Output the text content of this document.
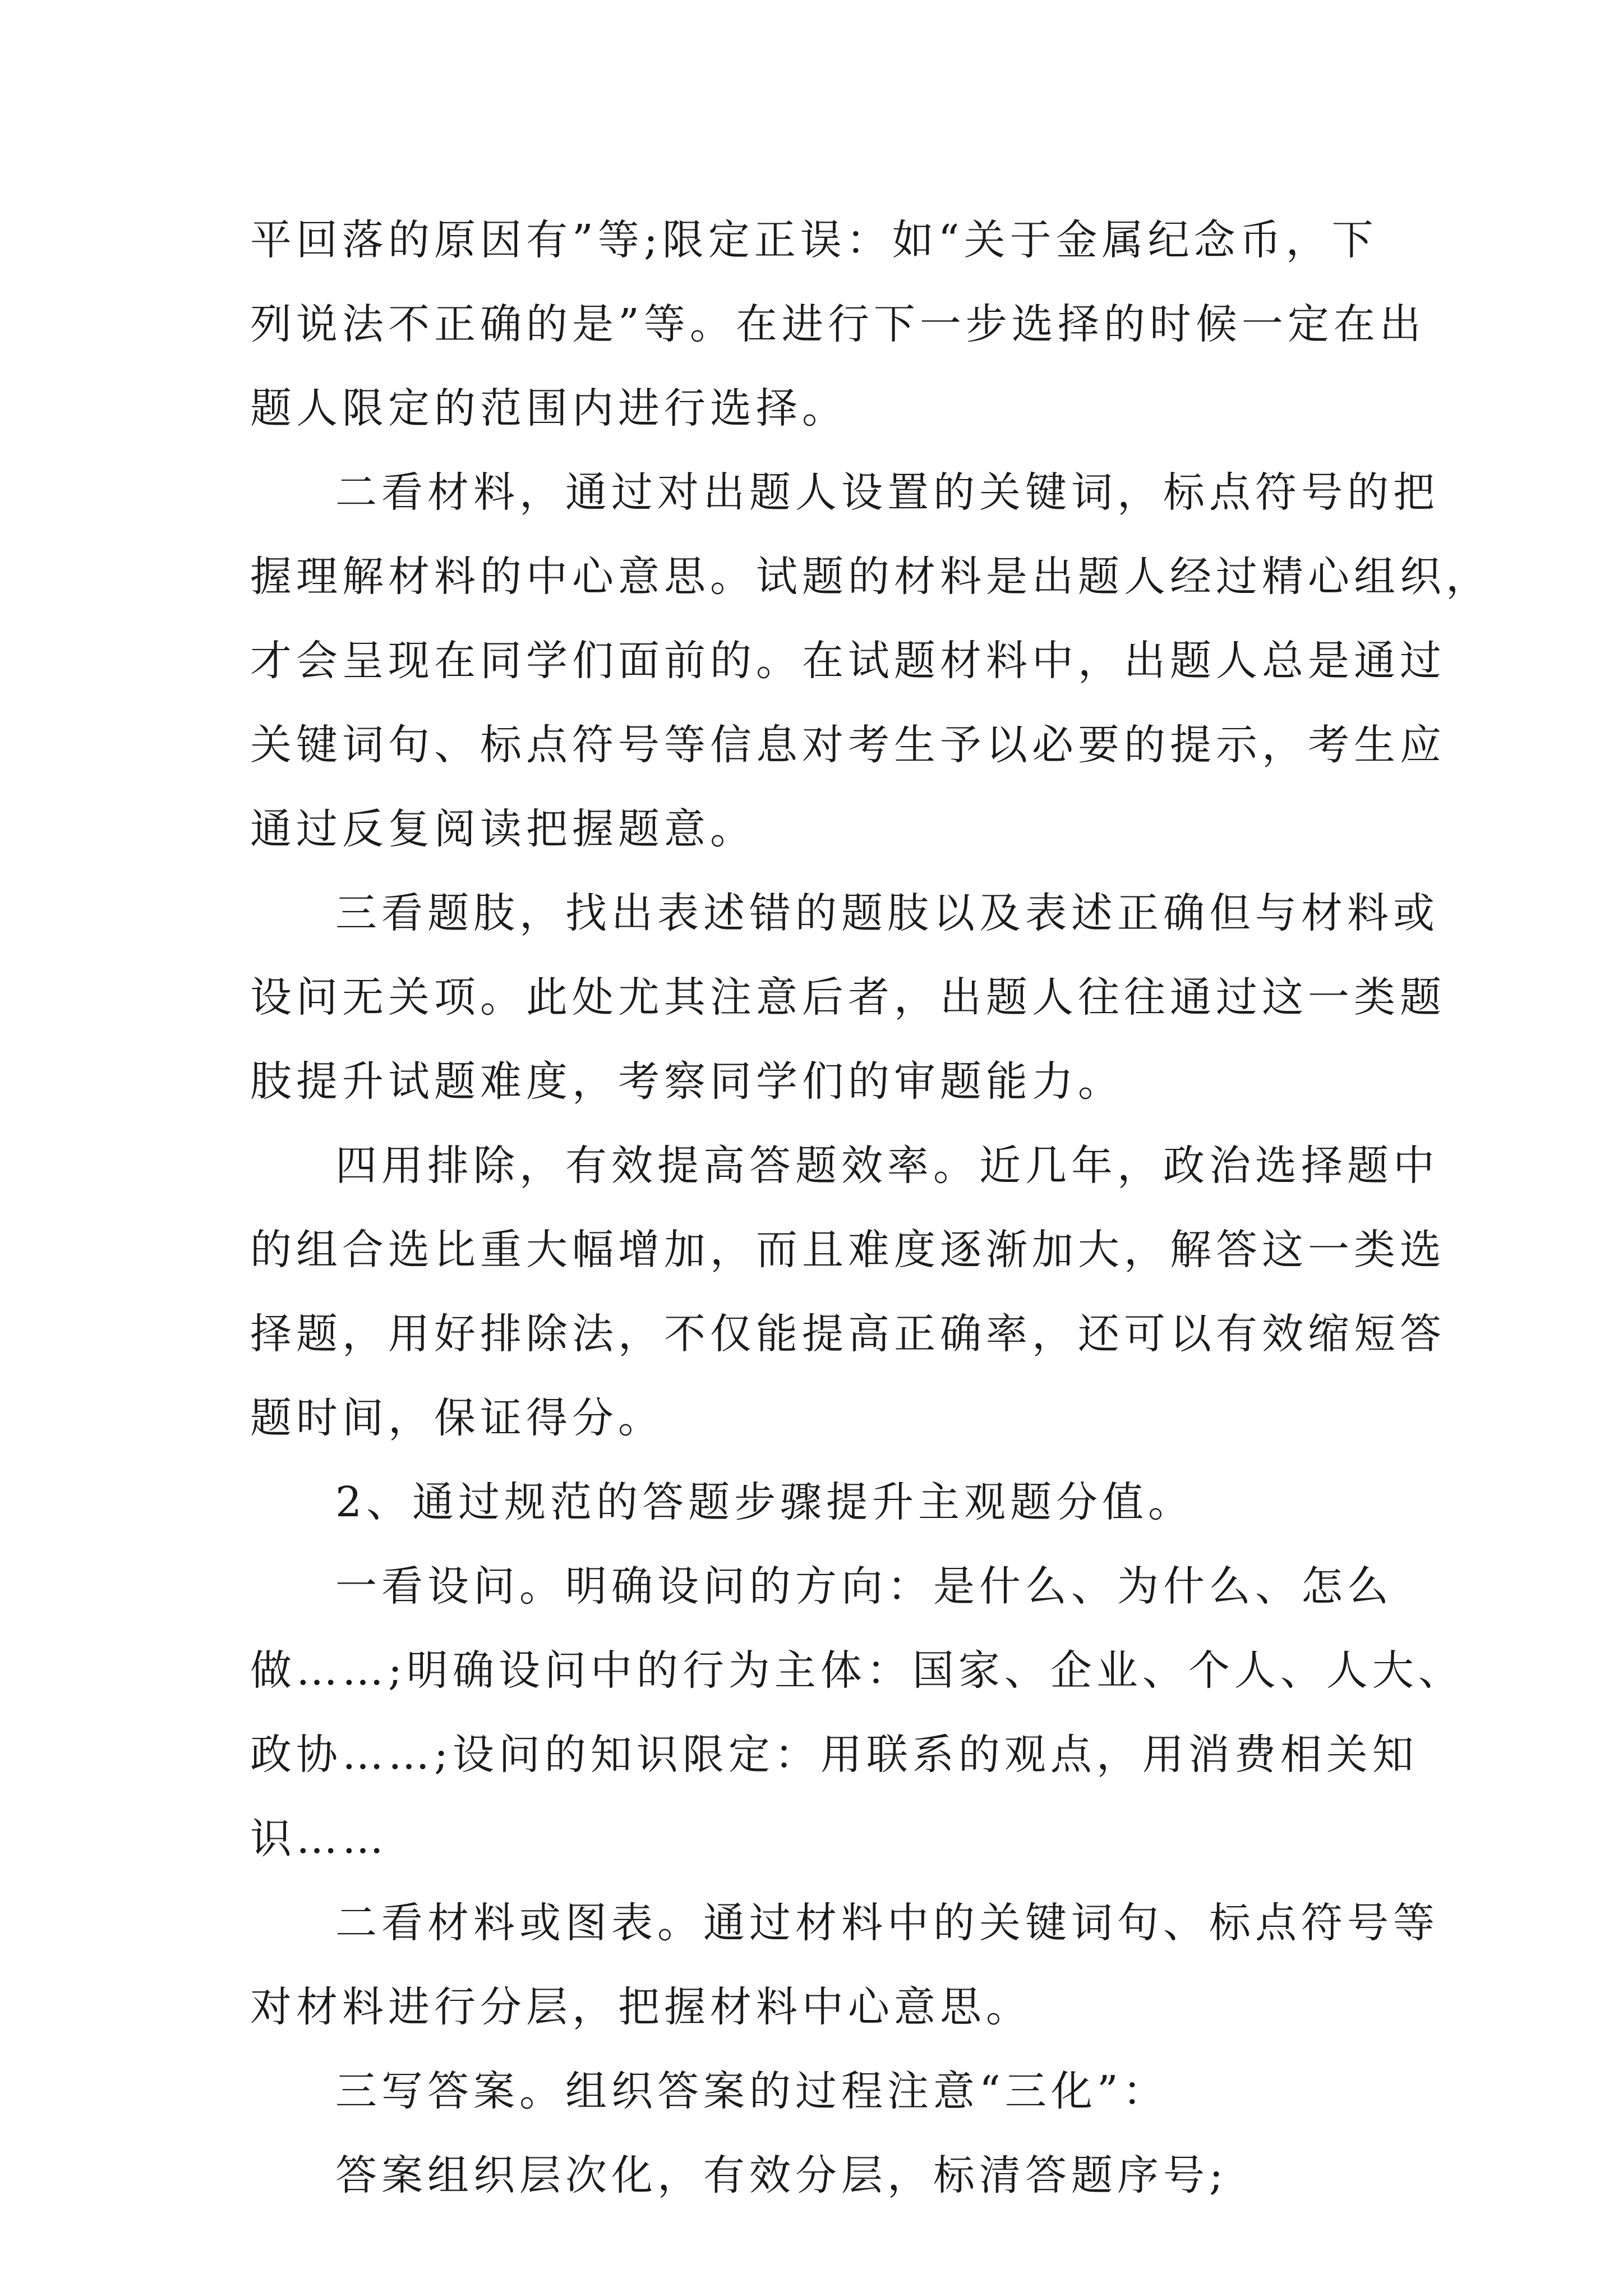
平回落的原因有”等;限定正误：如“关于金属纪念币，下
列说法不正确的是”等。在进行下一步选择的时候一定在出
题人限定的范围内进行选择。
二看材料，通过对出题人设置的关键词，标点符号的把
握理解材料的中心意思。试题的材料是出题人经过精心组织，
才会呈现在同学们面前的。在试题材料中，出题人总是通过
关键词句、标点符号等信息对考生予以必要的提示，考生应
通过反复阅读把握题意。
三看题肢，找出表述错的题肢以及表述正确但与材料或
设问无关项。此处尤其注意后者，出题人往往通过这一类题
肢提升试题难度，考察同学们的审题能力。
四用排除，有效提高答题效率。近几年，政治选择题中
的组合选比重大幅增加，而且难度逐渐加大，解答这一类选
择题，用好排除法，不仅能提高正确率，还可以有效缩短答
题时间，保证得分。
2、通过规范的答题步骤提升主观题分值。
一看设问。明确设问的方向：是什么、为什么、怎么
做……;明确设问中的行为主体：国家、企业、个人、人大、
政协……;设问的知识限定：用联系的观点，用消费相关知
识……
二看材料或图表。通过材料中的关键词句、标点符号等
对材料进行分层，把握材料中心意思。
三写答案。组织答案的过程注意“三化”：
答案组织层次化，有效分层，标清答题序号;
